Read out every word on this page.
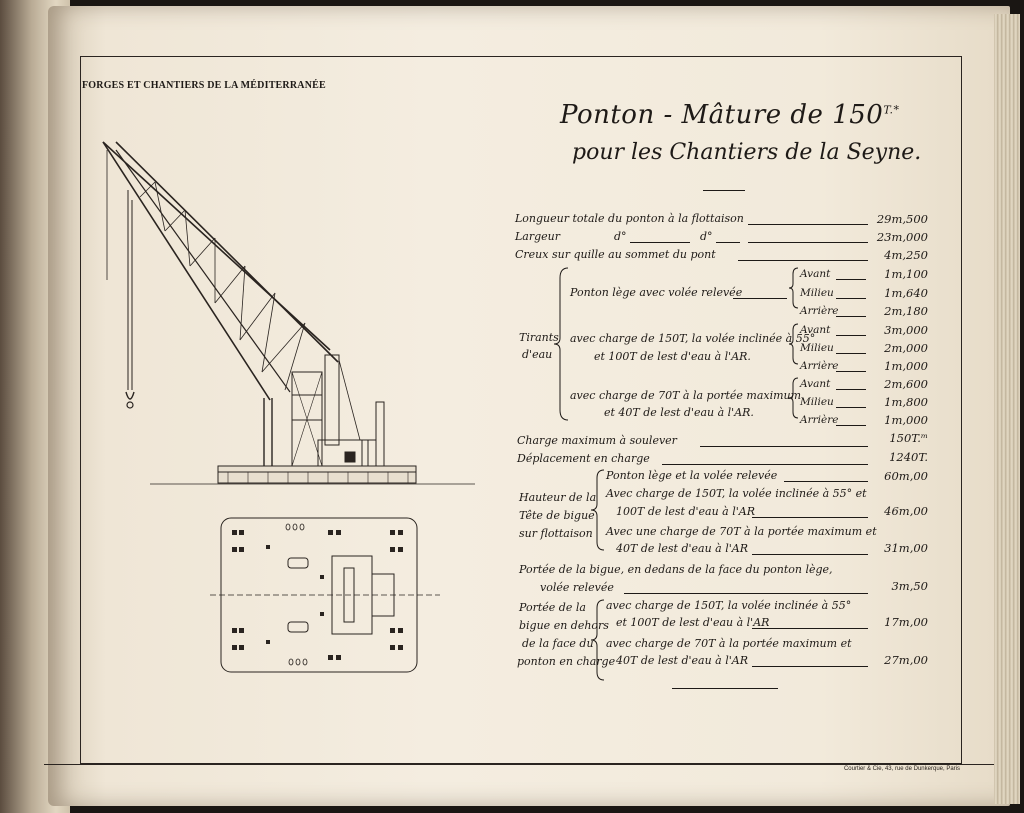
FORGES ET CHANTIERS DE LA MÉDITERRANÉE
Courtier & Cie, 43, rue de Dunkerque, Paris
Ponton - Mâture de $150^{T.*}$
pour les Chantiers de la Seyne.
Longueur totale du ponton à la flottaison	29m,500
Largeur	d°	d°	23m,000
Creux sur quille au sommet du pont	4m,250
Tirants
d'eau
Ponton lège avec volée relevée
Avant	1m,100
Milieu	1m,640
Arrière	2m,180
avec charge de 150T, la volée inclinée à 55°
et 100T de lest d'eau à l'AR.
Avant	3m,000
Milieu	2m,000
Arrière	1m,000
avec charge de 70T à la portée maximum
et 40T de lest d'eau à l'AR.
Avant	2m,600
Milieu	1m,800
Arrière	1m,000
Charge maximum à soulever	150T.ᵐ
Déplacement en charge	1240T.
Hauteur de la
Tête de bigue
sur flottaison
Ponton lège et la volée relevée	60m,00
Avec charge de 150T, la volée inclinée à 55° et
100T de lest d'eau à l'AR	46m,00
Avec une charge de 70T à la portée maximum et
40T de lest d'eau à l'AR	31m,00
Portée de la bigue, en dedans de la face du ponton lège,
volée relevée	3m,50
Portée de la
bigue en dehors
de la face du
ponton en charge
avec charge de 150T, la volée inclinée à 55°
et 100T de lest d'eau à l'AR	17m,00
avec charge de 70T à la portée maximum et
40T de lest d'eau à l'AR	27m,00
